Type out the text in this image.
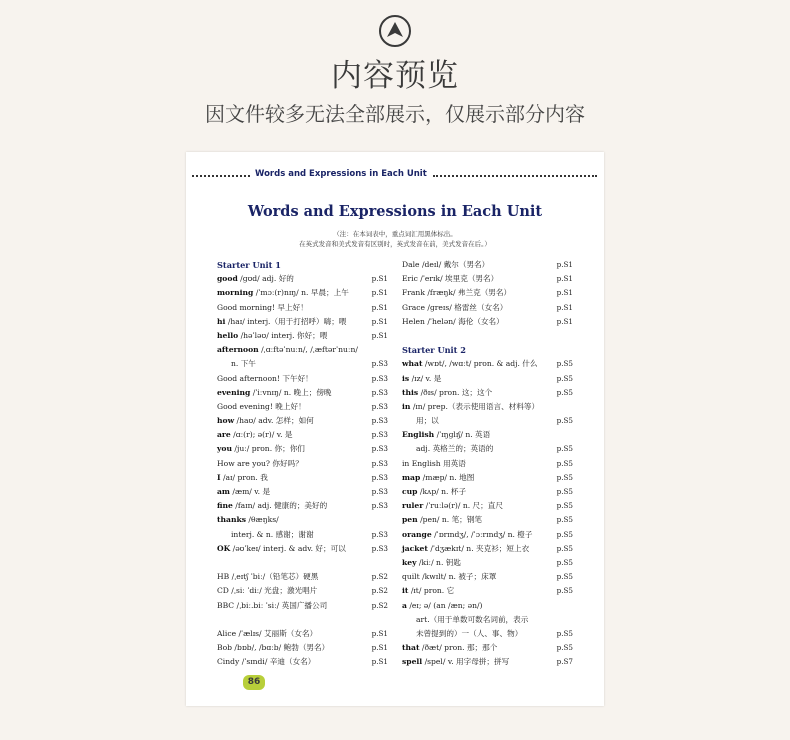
内容预览

因文件较多无法全部展示，仅展示部分内容

Words and Expressions in Each Unit
Words and Expressions in Each Unit
（注：在本词表中，重点词汇用黑体标出。
在英式发音和美式发音有区别时，英式发音在前，美式发音在后。）
Starter Unit 1
good /ɡʊd/ adj. 好的	p.S1
morning /ˈmɔː(r)nɪŋ/ n. 早晨；上午	p.S1
Good morning! 早上好！	p.S1
hi /haɪ/ interj.（用于打招呼）嗨；喂	p.S1
hello /həˈləʊ/ interj. 你好；喂	p.S1
afternoon /ˌɑːftəˈnuːn/, /ˌæftərˈnuːn/
n. 下午	p.S3
Good afternoon! 下午好！	p.S3
evening /ˈiːvnɪŋ/ n. 晚上；傍晚	p.S3
Good evening! 晚上好！	p.S3
how /haʊ/ adv. 怎样；如何	p.S3
are /ɑː(r); ə(r)/ v. 是	p.S3
you /juː/ pron. 你；你们	p.S3
How are you? 你好吗？	p.S3
I /aɪ/ pron. 我	p.S3
am /æm/ v. 是	p.S3
fine /faɪn/ adj. 健康的；美好的	p.S3
thanks /θæŋks/
interj. & n. 感谢；谢谢	p.S3
OK /əʊˈkeɪ/ interj. & adv. 好；可以	p.S3
HB /ˌeɪtʃ ˈbiː/（铅笔芯）硬黑	p.S2
CD /ˌsiː ˈdiː/ 光盘；激光唱片	p.S2
BBC /ˌbiː.biː ˈsiː/ 英国广播公司	p.S2
Alice /ˈælɪs/ 艾丽斯（女名）	p.S1
Bob /bɒb/, /bɑːb/ 鲍勃（男名）	p.S1
Cindy /ˈsɪndi/ 辛迪（女名）	p.S1
Dale /deɪl/ 戴尔（男名）	p.S1
Eric /ˈerɪk/ 埃里克（男名）	p.S1
Frank /fræŋk/ 弗兰克（男名）	p.S1
Grace /ɡreɪs/ 格雷丝（女名）	p.S1
Helen /ˈhelən/ 海伦（女名）	p.S1
Starter Unit 2
what /wɒt/, /wɑːt/ pron. & adj. 什么	p.S5
is /ɪz/ v. 是	p.S5
this /ðɪs/ pron. 这；这个	p.S5
in /ɪn/ prep.（表示使用语言、材料等）
用；以	p.S5
English /ˈɪŋɡlɪʃ/ n. 英语
adj. 英格兰的；英语的	p.S5
in English 用英语	p.S5
map /mæp/ n. 地图	p.S5
cup /kʌp/ n. 杯子	p.S5
ruler /ˈruːlə(r)/ n. 尺；直尺	p.S5
pen /pen/ n. 笔；钢笔	p.S5
orange /ˈɒrɪndʒ/, /ˈɔːrɪndʒ/ n. 橙子	p.S5
jacket /ˈdʒækɪt/ n. 夹克衫；短上衣	p.S5
key /kiː/ n. 钥匙	p.S5
quilt /kwɪlt/ n. 被子；床罩	p.S5
it /ɪt/ pron. 它	p.S5
a /eɪ; ə/ (an /æn; ən/)
art.（用于单数可数名词前，表示
未曾提到的）一（人、事、物）	p.S5
that /ðæt/ pron. 那；那个	p.S5
spell /spel/ v. 用字母拼；拼写	p.S7
86
